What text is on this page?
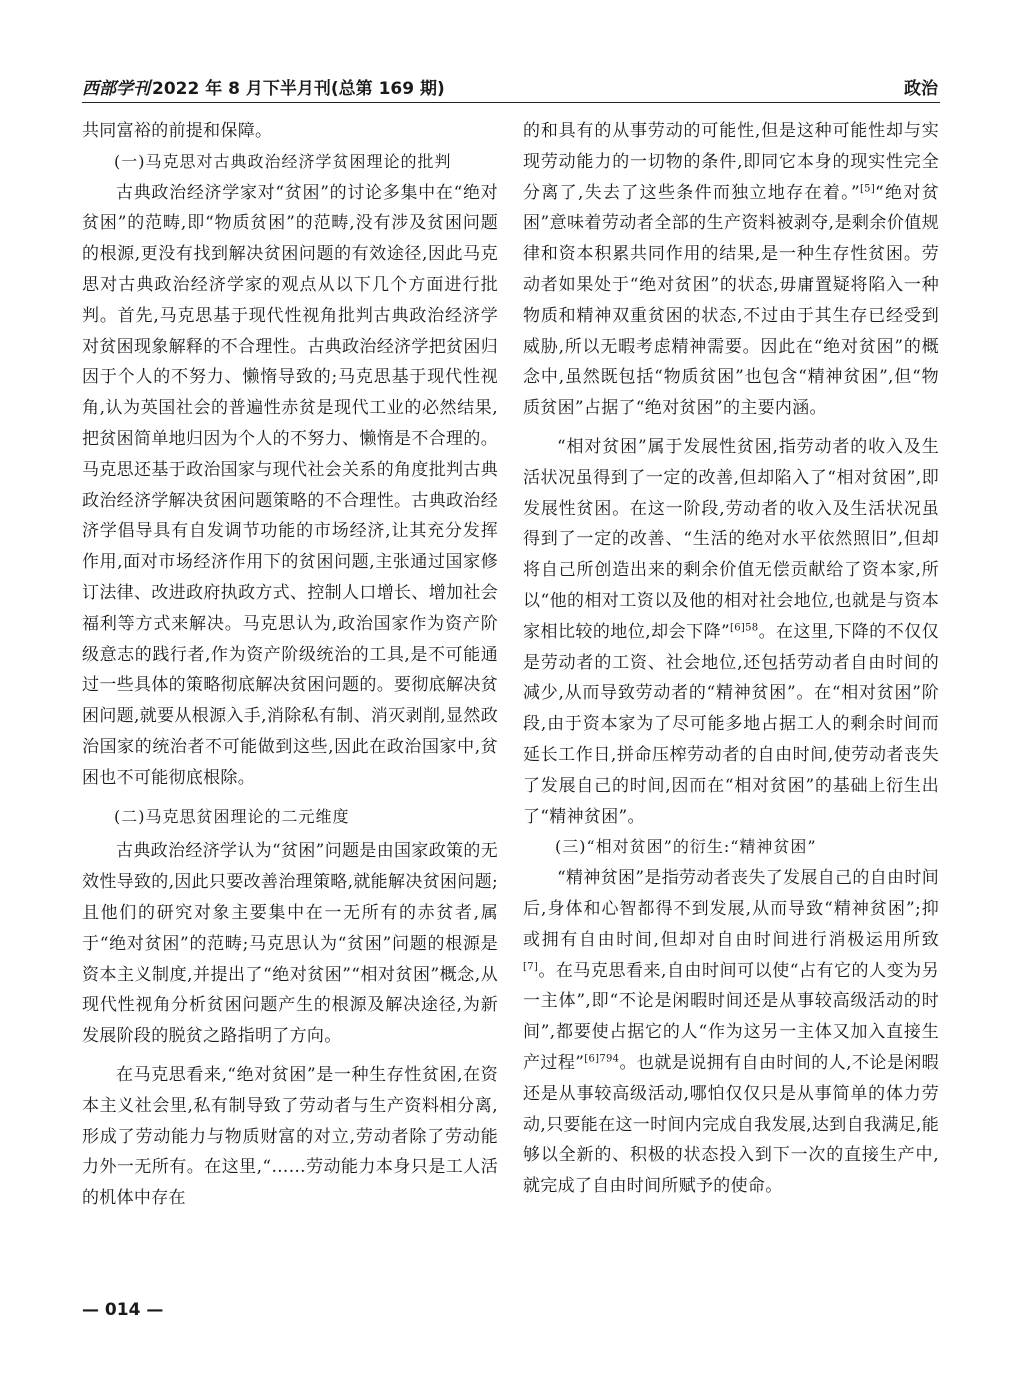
西部学刊 2022 年 8 月下半月刊(总第 169 期)	政治

共同富裕的前提和保障。

(一)马克思对古典政治经济学贫困理论的批判

古典政治经济学家对“贫困”的讨论多集中在“绝对贫困”的范畴,即“物质贫困”的范畴,没有涉及贫困问题的根源,更没有找到解决贫困问题的有效途径,因此马克思对古典政治经济学家的观点从以下几个方面进行批判。首先,马克思基于现代性视角批判古典政治经济学对贫困现象解释的不合理性。古典政治经济学把贫困归因于个人的不努力、懒惰导致的;马克思基于现代性视角,认为英国社会的普遍性赤贫是现代工业的必然结果,把贫困简单地归因为个人的不努力、懒惰是不合理的。马克思还基于政治国家与现代社会关系的角度批判古典政治经济学解决贫困问题策略的不合理性。古典政治经济学倡导具有自发调节功能的市场经济,让其充分发挥作用,面对市场经济作用下的贫困问题,主张通过国家修订法律、改进政府执政方式、控制人口增长、增加社会福利等方式来解决。马克思认为,政治国家作为资产阶级意志的践行者,作为资产阶级统治的工具,是不可能通过一些具体的策略彻底解决贫困问题的。要彻底解决贫困问题,就要从根源入手,消除私有制、消灭剥削,显然政治国家的统治者不可能做到这些,因此在政治国家中,贫困也不可能彻底根除。

(二)马克思贫困理论的二元维度

古典政治经济学认为“贫困”问题是由国家政策的无效性导致的,因此只要改善治理策略,就能解决贫困问题;且他们的研究对象主要集中在一无所有的赤贫者,属于“绝对贫困”的范畴;马克思认为“贫困”问题的根源是资本主义制度,并提出了“绝对贫困”“相对贫困”概念,从现代性视角分析贫困问题产生的根源及解决途径,为新发展阶段的脱贫之路指明了方向。

在马克思看来,“绝对贫困”是一种生存性贫困,在资本主义社会里,私有制导致了劳动者与生产资料相分离,形成了劳动能力与物质财富的对立,劳动者除了劳动能力外一无所有。在这里,“……劳动能力本身只是工人活的机体中存在

的和具有的从事劳动的可能性,但是这种可能性却与实现劳动能力的一切物的条件,即同它本身的现实性完全分离了,失去了这些条件而独立地存在着。”[5]“绝对贫困”意味着劳动者全部的生产资料被剥夺,是剩余价值规律和资本积累共同作用的结果,是一种生存性贫困。劳动者如果处于“绝对贫困”的状态,毋庸置疑将陷入一种物质和精神双重贫困的状态,不过由于其生存已经受到威胁,所以无暇考虑精神需要。因此在“绝对贫困”的概念中,虽然既包括“物质贫困”也包含“精神贫困”,但“物质贫困”占据了“绝对贫困”的主要内涵。

“相对贫困”属于发展性贫困,指劳动者的收入及生活状况虽得到了一定的改善,但却陷入了“相对贫困”,即发展性贫困。在这一阶段,劳动者的收入及生活状况虽得到了一定的改善、“生活的绝对水平依然照旧”,但却将自己所创造出来的剩余价值无偿贡献给了资本家,所以“他的相对工资以及他的相对社会地位,也就是与资本家相比较的地位,却会下降”$^{[6]58}$。在这里,下降的不仅仅是劳动者的工资、社会地位,还包括劳动者自由时间的减少,从而导致劳动者的“精神贫困”。在“相对贫困”阶段,由于资本家为了尽可能多地占据工人的剩余时间而延长工作日,拼命压榨劳动者的自由时间,使劳动者丧失了发展自己的时间,因而在“相对贫困”的基础上衍生出了“精神贫困”。

(三)“相对贫困”的衍生:“精神贫困”

“精神贫困”是指劳动者丧失了发展自己的自由时间后,身体和心智都得不到发展,从而导致“精神贫困”;抑或拥有自由时间,但却对自由时间进行消极运用所致[7]。在马克思看来,自由时间可以使“占有它的人变为另一主体”,即“不论是闲暇时间还是从事较高级活动的时间”,都要使占据它的人“作为这另一主体又加入直接生产过程”$^{[6]794}$。也就是说拥有自由时间的人,不论是闲暇还是从事较高级活动,哪怕仅仅只是从事简单的体力劳动,只要能在这一时间内完成自我发展,达到自我满足,能够以全新的、积极的状态投入到下一次的直接生产中,就完成了自由时间所赋予的使命。

— 014 —
